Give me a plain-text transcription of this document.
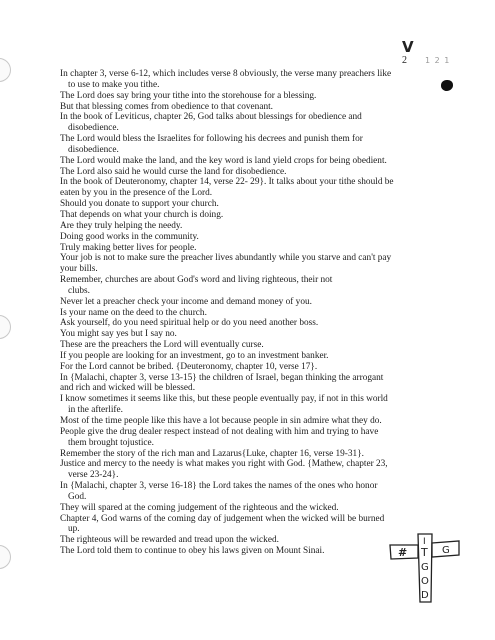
V
2 1 2 1
In chapter 3, verse 6-12, which includes verse 8 obviously, the verse many preachers like
to use to make you tithe.
The Lord does say bring your tithe into the storehouse for a blessing.
But that blessing comes from obedience to that covenant.
In the book of Leviticus, chapter 26, God talks about blessings for obedience and
disobedience.
The Lord would bless the Israelites for following his decrees and punish them for
disobedience.
The Lord would make the land, and the key word is land yield crops for being obedient.
The Lord also said he would curse the land for disobedience.
In the book of Deuteronomy, chapter 14, verse 22- 29}. It talks about your tithe should be
eaten by you in the presence of the Lord.
Should you donate to support your church.
That depends on what your church is doing.
Are they truly helping the needy.
Doing good works in the community.
Truly making better lives for people.
Your job is not to make sure the preacher lives abundantly while you starve and can't pay
your bills.
Remember, churches are about God's word and living righteous, their not
clubs.
Never let a preacher check your income and demand money of you.
Is your name on the deed to the church.
Ask yourself, do you need spiritual help or do you need another boss.
You might say yes but I say no.
These are the preachers the Lord will eventually curse.
If you people are looking for an investment, go to an investment banker.
For the Lord cannot be bribed. {Deuteronomy, chapter 10, verse 17}.
In {Malachi, chapter 3, verse 13-15} the children of Israel, began thinking the arrogant
and rich and wicked will be blessed.
I know sometimes it seems like this, but these people eventually pay, if not in this world
in the afterlife.
Most of the time people like this have a lot because people in sin admire what they do.
People give the drug dealer respect instead of not dealing with him and trying to have
them brought tojustice.
Remember the story of the rich man and Lazarus{Luke, chapter 16, verse 19-31}.
Justice and mercy to the needy is what makes you right with God. {Mathew, chapter 23,
verse 23-24}.
In {Malachi, chapter 3, verse 16-18} the Lord takes the names of the ones who honor
God.
They will spared at the coming judgement of the righteous and the wicked.
Chapter 4, God warns of the coming day of judgement when the wicked will be burned
up.
The righteous will be rewarded and tread upon the wicked.
The Lord told them to continue to obey his laws given on Mount Sinai.	#	G
I
T
G
O
D
